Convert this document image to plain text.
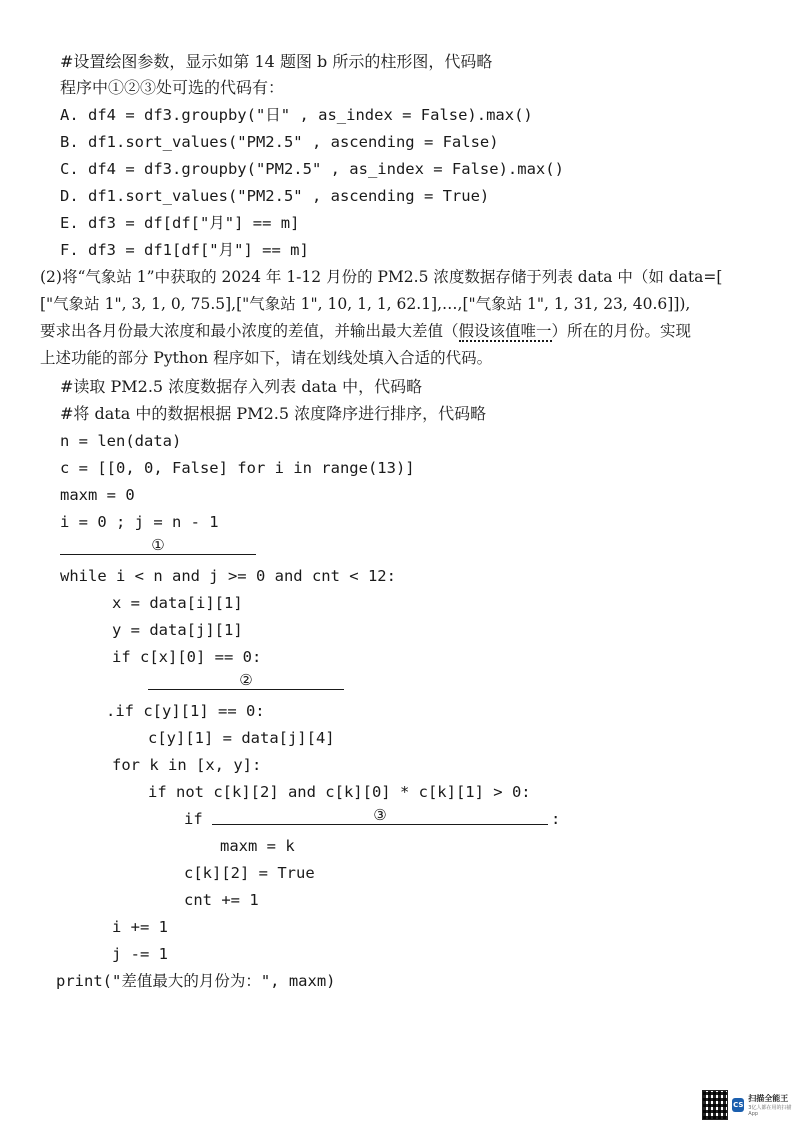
#设置绘图参数，显示如第 14 题图 b 所示的柱形图，代码略
程序中①②③处可选的代码有：
A. df4 = df3.groupby("日" , as_index = False).max()
B. df1.sort_values("PM2.5" , ascending = False)
C. df4 = df3.groupby("PM2.5" , as_index = False).max()
D. df1.sort_values("PM2.5" , ascending = True)
E. df3 = df[df["月"] == m]
F. df3 = df1[df["月"] == m]
(2)将“气象站 1”中获取的 2024 年 1-12 月份的 PM2.5 浓度数据存储于列表 data 中（如 data=[
["气象站 1", 3, 1, 0, 75.5],["气象站 1", 10, 1, 1, 62.1],…,["气象站 1", 1, 31, 23, 40.6]]),
要求出各月份最大浓度和最小浓度的差值，并输出最大差值（假设该值唯一）所在的月份。实现
上述功能的部分 Python 程序如下，请在划线处填入合适的代码。
#读取 PM2.5 浓度数据存入列表 data 中，代码略
#将 data 中的数据根据 PM2.5 浓度降序进行排序，代码略
n = len(data)
c = [[0, 0, False] for i in range(13)]
maxm = 0
i = 0 ; j = n - 1
①
while i < n and j >= 0 and cnt < 12:
x = data[i][1]
y = data[j][1]
if c[x][0] == 0:
②
.if c[y][1] == 0:
c[y][1] = data[j][4]
for k in [x, y]:
if not c[k][2] and c[k][0] * c[k][1] > 0:
if	③	:
maxm = k
c[k][2] = True
cnt += 1
i += 1
j -= 1
print("差值最大的月份为：", maxm)
CS
扫描全能王
3亿人都在用的扫描App
